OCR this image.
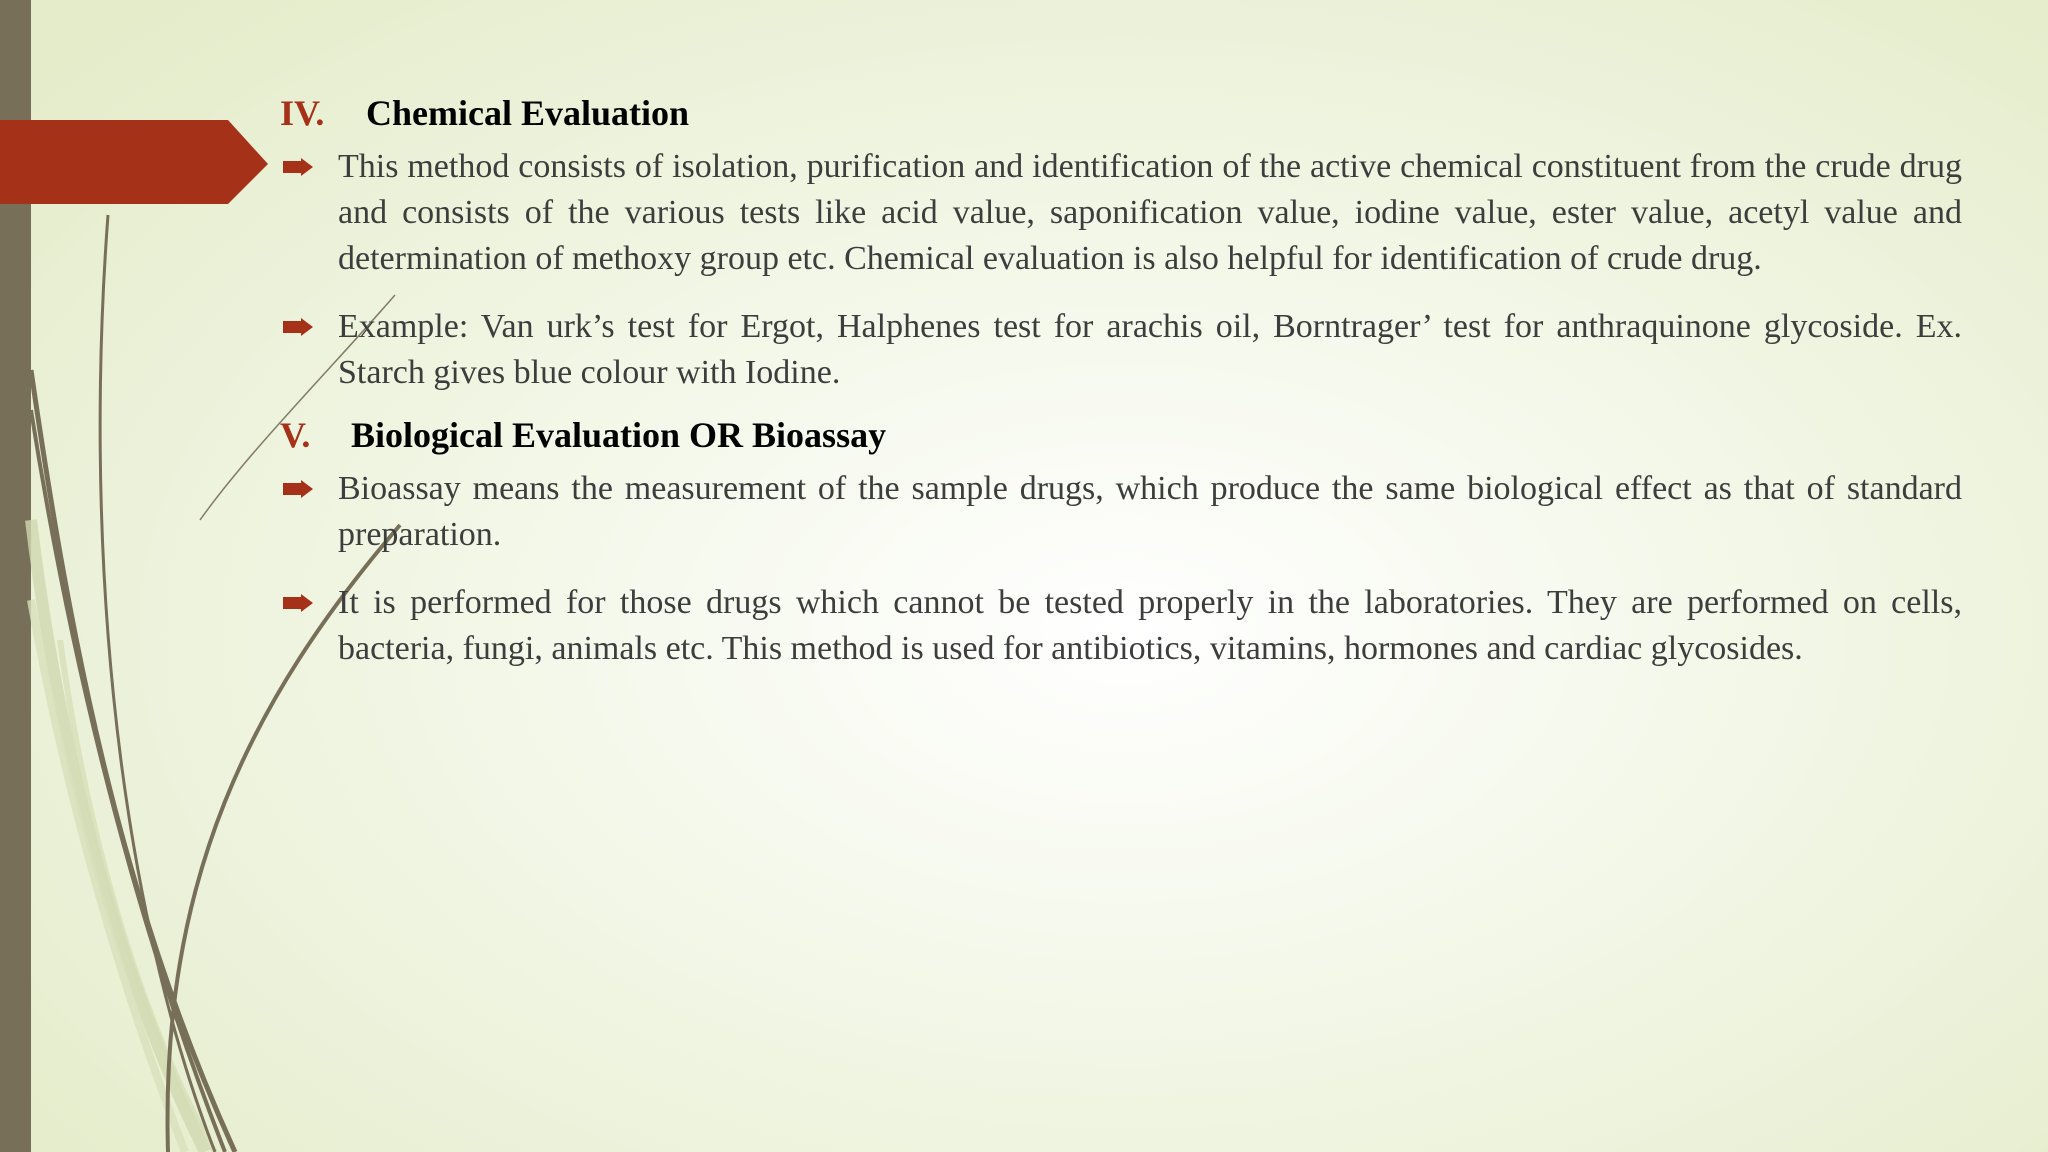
IV.	Chemical Evaluation
This method consists of isolation, purification and identification of the active chemical constituent from the crude drug and consists of the various tests like acid value, saponification value, iodine value, ester value, acetyl value and determination of methoxy group etc. Chemical evaluation is also helpful for identification of crude drug.
Example: Van urk’s test for Ergot, Halphenes test for arachis oil, Borntrager’ test for anthraquinone glycoside. Ex. Starch gives blue colour with Iodine.
V.	Biological Evaluation OR Bioassay
Bioassay means the measurement of the sample drugs, which produce the same biological effect as that of standard preparation.
It is performed for those drugs which cannot be tested properly in the laboratories. They are performed on cells, bacteria, fungi, animals etc. This method is used for antibiotics, vitamins, hormones and cardiac glycosides.
